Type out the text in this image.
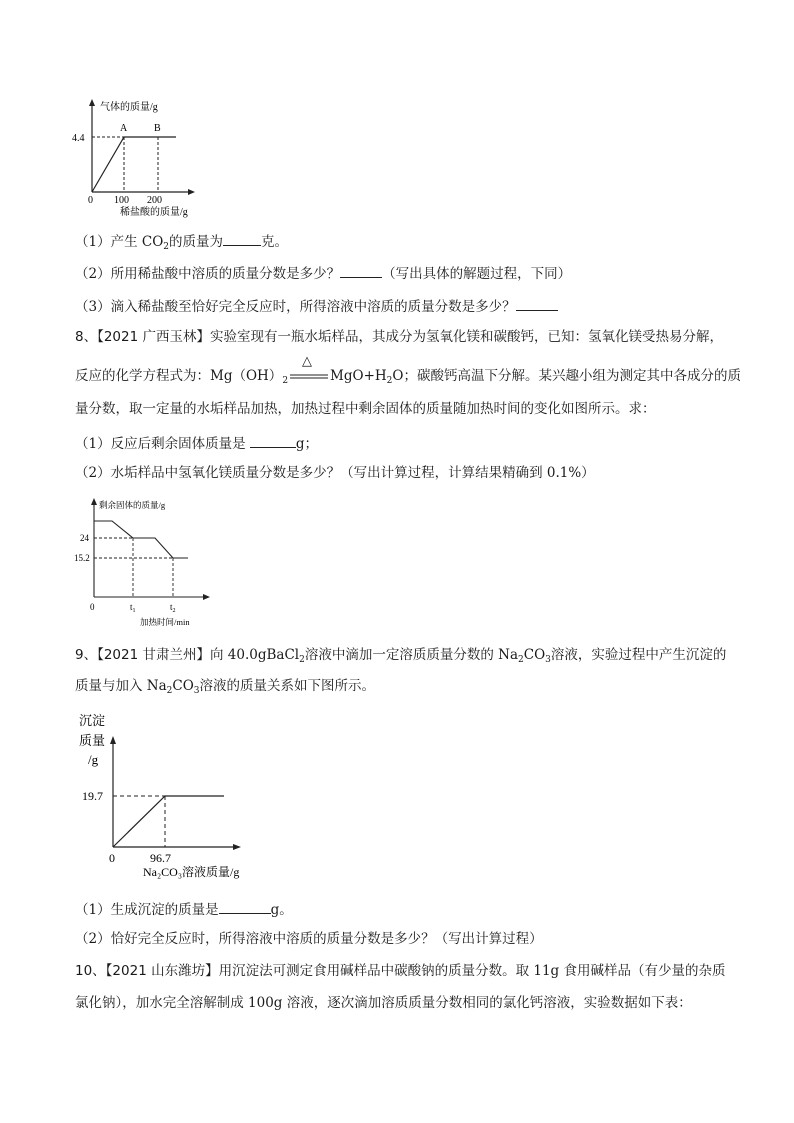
气体的质量/g
4.4
A	B
0 100 200
稀盐酸的质量/g
（1）产生 $CO_2$的质量为	克。
（2）所用稀盐酸中溶质的质量分数是多少？	（写出具体的解题过程，下同）
（3）滴入稀盐酸至恰好完全反应时，所得溶液中溶质的质量分数是多少？
8、【2021 广西玉林】实验室现有一瓶水垢样品，其成分为氢氧化镁和碳酸钙，已知：氢氧化镁受热易分解，
反应的化学方程式为：$Mg(OH)_2$
△
$MgO+H_2O$；碳酸钙高温下分解。某兴趣小组为测定其中各成分的质
量分数，取一定量的水垢样品加热，加热过程中剩余固体的质量随加热时间的变化如图所示。求：
（1）反应后剩余固体质量是	g；
（2）水垢样品中氢氧化镁质量分数是多少？（写出计算过程，计算结果精确到 0.1%）
剩余固体的质量/g
24
15.2
0	$t_1$	$t_2$
加热时间/min
9、【2021 甘肃兰州】向 40.0gBaCl$_2$溶液中滴加一定溶质质量分数的 $Na_2CO_3$溶液，实验过程中产生沉淀的
质量与加入 $Na_2CO_3$溶液的质量关系如下图所示。
沉淀
质量
/g
19.7
0	96.7
Na₂CO₃溶液质量/g
（1）生成沉淀的质量是	g。
（2）恰好完全反应时，所得溶液中溶质的质量分数是多少？（写出计算过程）
10、【2021 山东潍坊】用沉淀法可测定食用碱样品中碳酸钠的质量分数。取 11g 食用碱样品（有少量的杂质
氯化钠），加水完全溶解制成 100g 溶液，逐次滴加溶质质量分数相同的氯化钙溶液，实验数据如下表：
